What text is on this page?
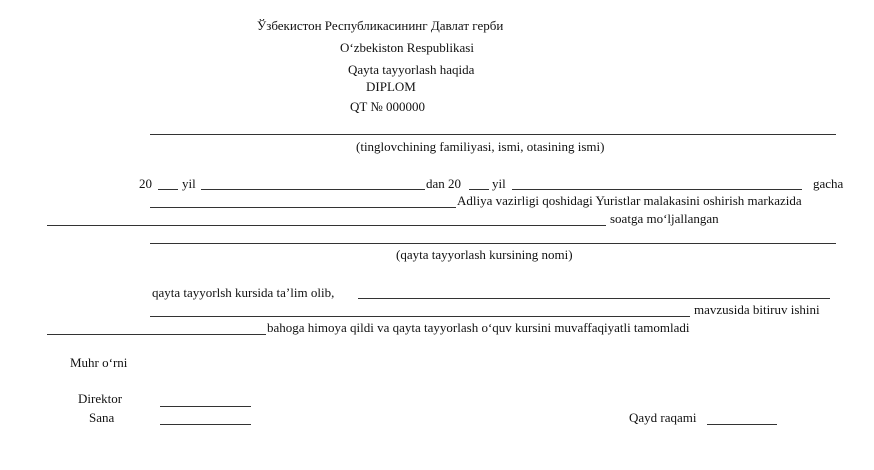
Ўзбекистон Республикасининг Давлат герби
O‘zbekiston Respublikasi
Qayta tayyorlash haqida
DIPLOM
QT № 000000
(tinglovchining familiyasi, ismi, otasining ismi)
20 yil	dan 20 yil	gacha
Adliya vazirligi qoshidagi Yuristlar malakasini oshirish markazida
soatga mo‘ljallangan
(qayta tayyorlash kursining nomi)
qayta tayyorlsh kursida ta’lim olib,
mavzusida bitiruv ishini
bahoga himoya qildi va qayta tayyorlash o‘quv kursini muvaffaqiyatli tamomladi
Muhr o‘rni
Direktor
Sana	Qayd raqami
